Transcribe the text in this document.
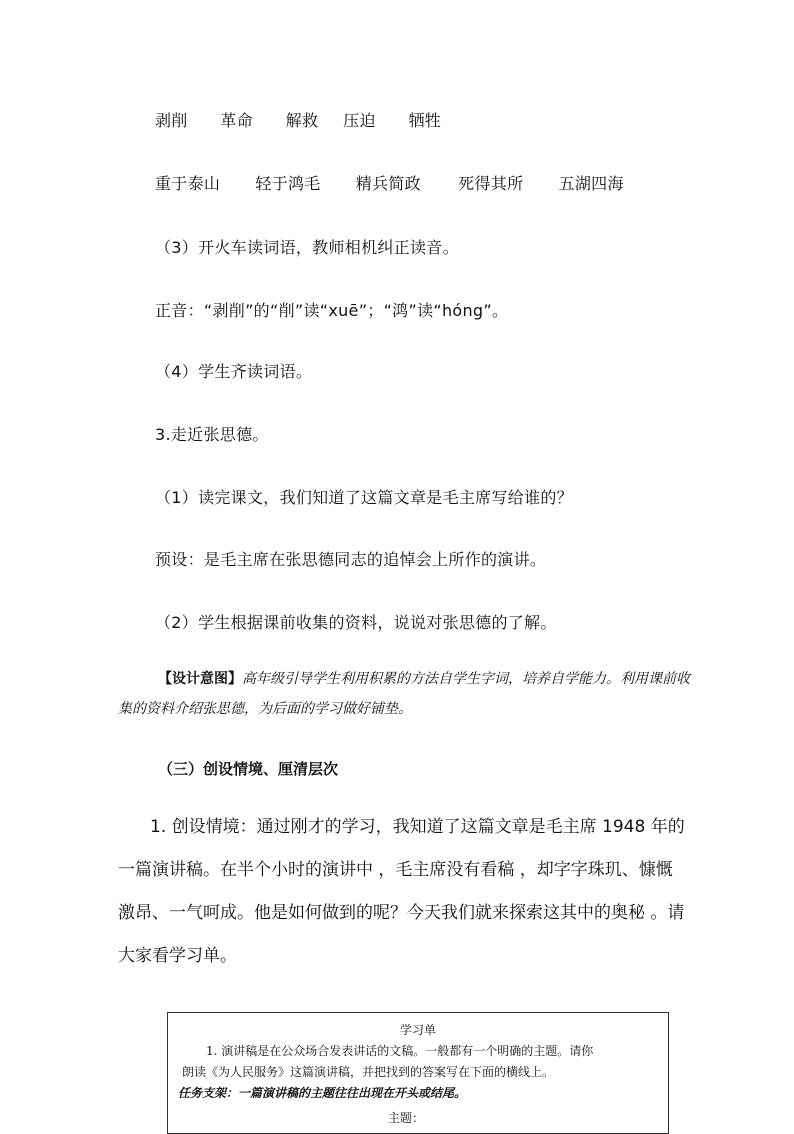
剥削 革命 解救 压迫 牺牲
重于泰山 轻于鸿毛 精兵简政 死得其所 五湖四海
（3）开火车读词语，教师相机纠正读音。
正音：“剥削”的“削”读“xuē”；“鸿”读“hóng”。
（4）学生齐读词语。
3.走近张思德。
（1）读完课文，我们知道了这篇文章是毛主席写给谁的？
预设：是毛主席在张思德同志的追悼会上所作的演讲。
（2）学生根据课前收集的资料，说说对张思德的了解。
【设计意图】高年级引导学生利用积累的方法自学生字词，培养自学能力。利用课前收集的资料介绍张思德，为后面的学习做好铺垫。
（三）创设情境、厘清层次
1. 创设情境：通过刚才的学习，我知道了这篇文章是毛主席 1948 年的一篇演讲稿。在半个小时的演讲中 ，毛主席没有看稿 ，却字字珠玑、慷慨激昂、一气呵成。他是如何做到的呢？今天我们就来探索这其中的奥秘 。请大家看学习单。
学习单
1. 演讲稿是在公众场合发表讲话的文稿。一般都有一个明确的主题。请你
朗读《为人民服务》这篇演讲稿，并把找到的答案写在下面的横线上。
任务支架：一篇演讲稿的主题往往出现在开头或结尾。
主题：
